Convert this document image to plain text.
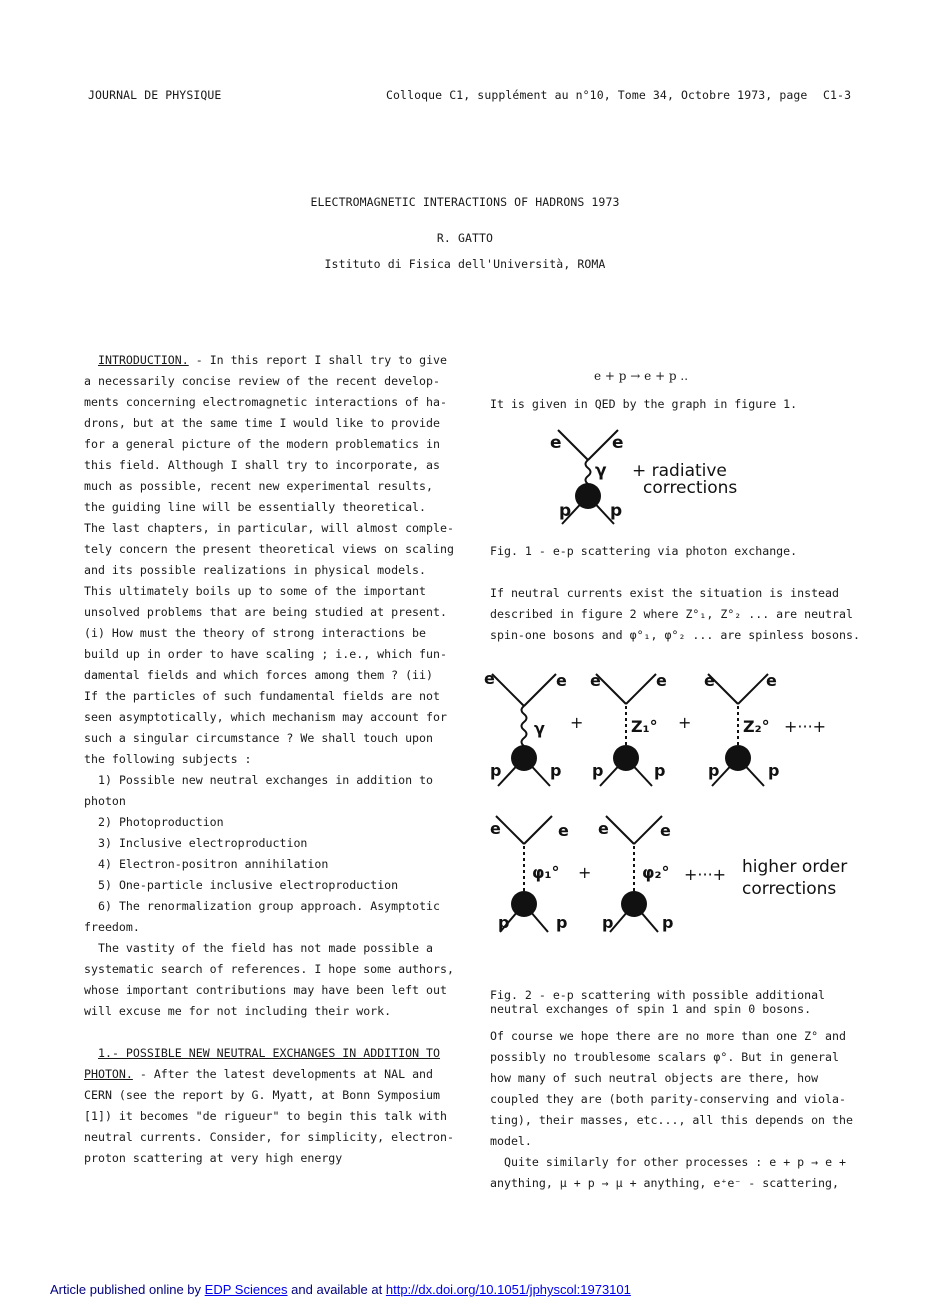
JOURNAL DE PHYSIQUE	Colloque C1, supplément au n°10, Tome 34, Octobre 1973, page C1-3
ELECTROMAGNETIC INTERACTIONS OF HADRONS 1973
R. GATTO
Istituto di Fisica dell'Università, ROMA
INTRODUCTION. - In this report I shall try to give
a necessarily concise review of the recent develop-
ments concerning electromagnetic interactions of ha-
drons, but at the same time I would like to provide
for a general picture of the modern problematics in
this field. Although I shall try to incorporate, as
much as possible, recent new experimental results,
the guiding line will be essentially theoretical.
The last chapters, in particular, will almost comple-
tely concern the present theoretical views on scaling
and its possible realizations in physical models.
This ultimately boils up to some of the important
unsolved problems that are being studied at present.
(i) How must the theory of strong interactions be
build up in order to have scaling ; i.e., which fun-
damental fields and which forces among them ? (ii)
If the particles of such fundamental fields are not
seen asymptotically, which mechanism may account for
such a singular circumstance ? We shall touch upon
the following subjects :
1) Possible new neutral exchanges in addition to
photon
2) Photoproduction
3) Inclusive electroproduction
4) Electron-positron annihilation
5) One-particle inclusive electroproduction
6) The renormalization group approach. Asymptotic
freedom.
The vastity of the field has not made possible a
systematic search of references. I hope some authors,
whose important contributions may have been left out
will excuse me for not including their work.
1.- POSSIBLE NEW NEUTRAL EXCHANGES IN ADDITION TO
PHOTON. - After the latest developments at NAL and
CERN (see the report by G. Myatt, at Bonn Symposium
[1]) it becomes "de rigueur" to begin this talk with
neutral currents. Consider, for simplicity, electron-
proton scattering at very high energy
e + p → e + p ..
It is given in QED by the graph in figure 1.
e	e
γ
p p
+ radiative
corrections
Fig. 1 - e-p scattering via photon exchange.
If neutral currents exist the situation is instead
described in figure 2 where Z°₁, Z°₂ ... are neutral
spin-one bosons and φ°₁, φ°₂ ... are spinless bosons.
e	e
γ
p	p
+
e	e
Z₁°
p	p
+
e	e
Z₂°
p	p
+···+
e	e
φ₁°
p	p
+
e	e
φ₂°
p	p
+···+ higher order
corrections
Fig. 2 - e-p scattering with possible additional
neutral exchanges of spin 1 and spin 0 bosons.
Of course we hope there are no more than one Z° and
possibly no troublesome scalars φ°. But in general
how many of such neutral objects are there, how
coupled they are (both parity-conserving and viola-
ting), their masses, etc..., all this depends on the
model.
Quite similarly for other processes : e + p → e +
anything, μ + p → μ + anything, e⁺e⁻ - scattering,
Article published online by EDP Sciences and available at http://dx.doi.org/10.1051/jphyscol:1973101
